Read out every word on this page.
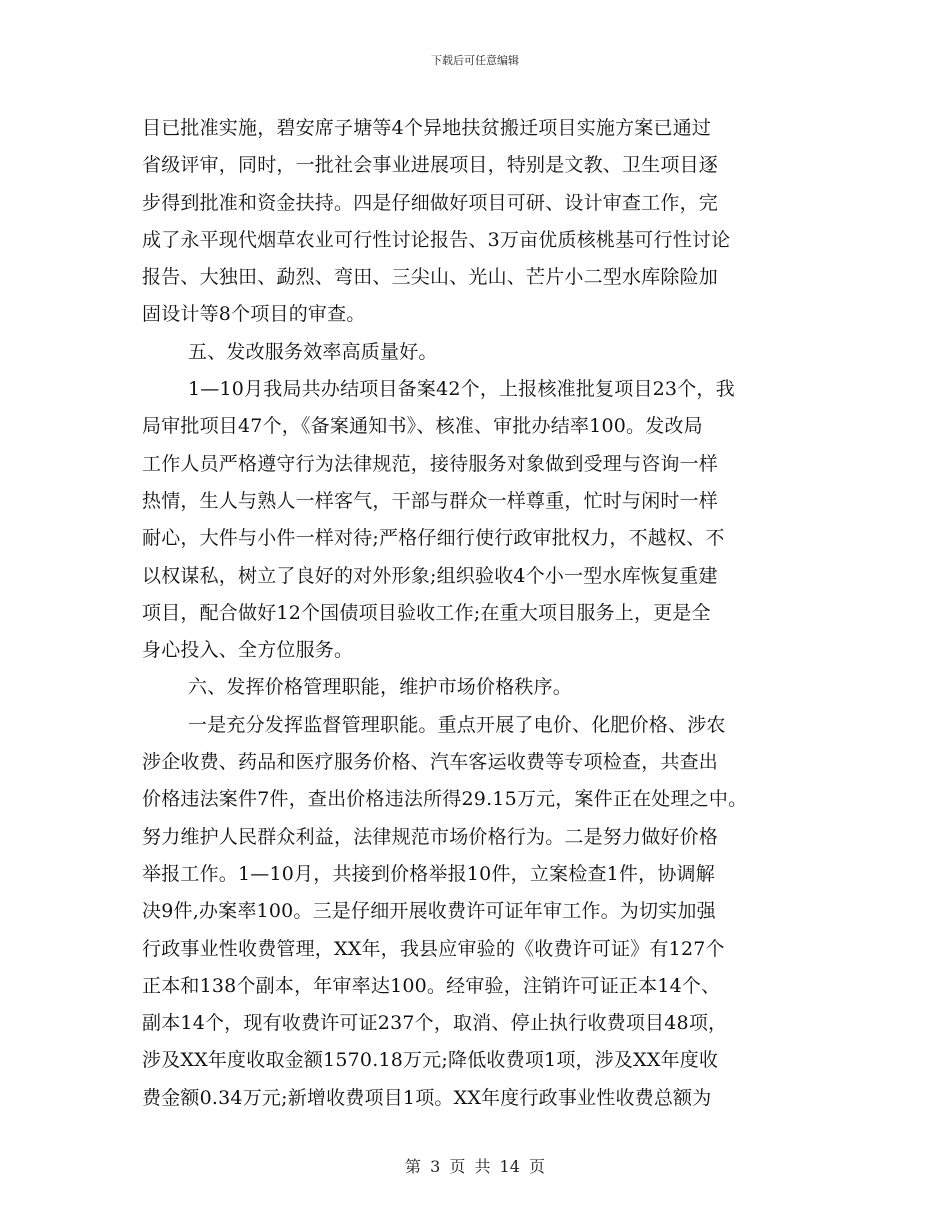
下载后可任意编辑
目已批准实施，碧安席子塘等4个异地扶贫搬迁项目实施方案已通过
省级评审，同时，一批社会事业进展项目，特别是文教、卫生项目逐
步得到批准和资金扶持。四是仔细做好项目可研、设计审查工作，完
成了永平现代烟草农业可行性讨论报告、3万亩优质核桃基可行性讨论
报告、大独田、勐烈、弯田、三尖山、光山、芒片小二型水库除险加
固设计等8个项目的审查。
五、发改服务效率高质量好。
1—10月我局共办结项目备案42个，上报核准批复项目23个，我
局审批项目47个，《备案通知书》、核准、审批办结率100。发改局
工作人员严格遵守行为法律规范，接待服务对象做到受理与咨询一样
热情，生人与熟人一样客气，干部与群众一样尊重，忙时与闲时一样
耐心，大件与小件一样对待;严格仔细行使行政审批权力，不越权、不
以权谋私，树立了良好的对外形象;组织验收4个小一型水库恢复重建
项目，配合做好12个国债项目验收工作;在重大项目服务上，更是全
身心投入、全方位服务。
六、发挥价格管理职能，维护市场价格秩序。
一是充分发挥监督管理职能。重点开展了电价、化肥价格、涉农
涉企收费、药品和医疗服务价格、汽车客运收费等专项检查，共查出
价格违法案件7件，查出价格违法所得29.15万元，案件正在处理之中。
努力维护人民群众利益，法律规范市场价格行为。二是努力做好价格
举报工作。1—10月，共接到价格举报10件，立案检查1件，协调解
决9件,办案率100。三是仔细开展收费许可证年审工作。为切实加强
行政事业性收费管理，XX年，我县应审验的《收费许可证》有127个
正本和138个副本，年审率达100。经审验，注销许可证正本14个、
副本14个，现有收费许可证237个，取消、停止执行收费项目48项，
涉及XX年度收取金额1570.18万元;降低收费项1项，涉及XX年度收
费金额0.34万元;新增收费项目1项。XX年度行政事业性收费总额为
第 3 页 共 14 页
